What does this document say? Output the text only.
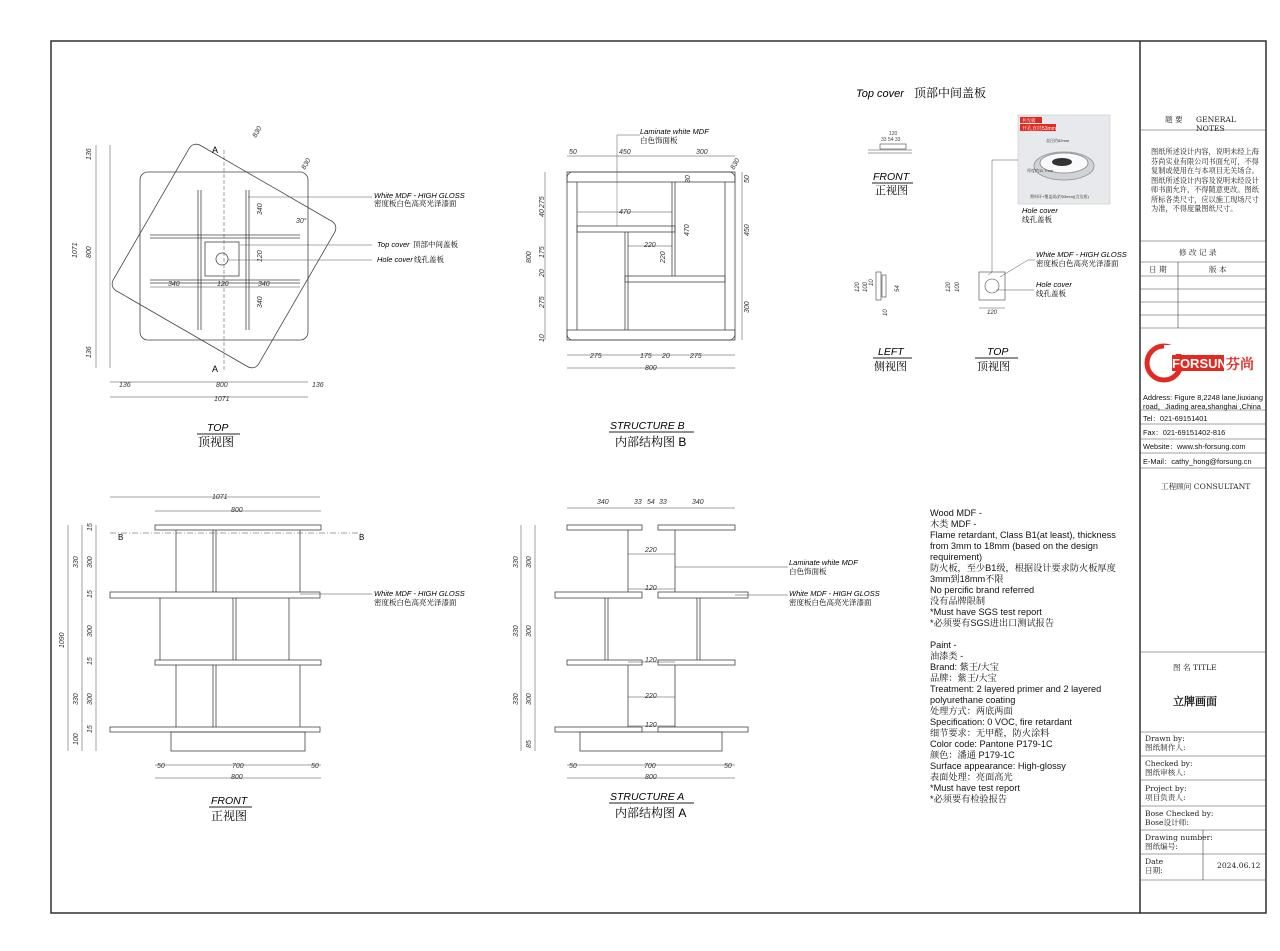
1071
136
800
136
136	800	136
1071
340	120	340
340
120
340
830
830
30°
A
A
White MDF - HIGH GLOSS
密度板白色高亮光泽漆面
Top cover 顶部中间盖板
Hole cover 线孔盖板
TOP
顶视图
50	450	300
830
470
220
220
470	450
300
50
30
275
175
275
20
10
40
800
275	175 20	275
800
Laminate white MDF
白色饰面板
STRUCTURE B
内部结构图 B
Top cover 顶部中间盖板
33 54 33
120
FRONT
正视图
共光板
开孔直径53mm
直径约62mm
厚度约11.7mm
塑料环+覆盖面(约53mm)(含边框)
Hole cover
线孔盖板
120 100 10
54
10
LEFT
侧视图
120 100
120
White MDF - HIGH GLOSS
密度板白色高亮光泽漆面
Hole cover
线孔盖板
TOP
顶视图
1071
800
50	700	50
800
1090
330
330
100
300
300
300
15
15
15
15
B	B
White MDF - HIGH GLOSS
密度板白色高亮光泽漆面
FRONT
正视图
340	33 54 33	340
220
120
120
220
120
50	700	50
800
330
330
330
300
300
300
85
Laminate white MDF
白色饰面板
White MDF - HIGH GLOSS
密度板白色高亮光泽漆面
STRUCTURE A
内部结构图 A
FORSUN 芬尚

Wood MDF -

木类 MDF -

Flame retardant, Class B1(at least), thickness from 3mm to 18mm (based on the design requirement)

防火板，至少B1级，根据设计要求防火板厚度3mm到18mm不限

No percific brand referred

没有品牌限制

*Must have SGS test report

*必须要有SGS进出口测试报告

Paint -

油漆类 -

Brand: 紫王/大宝

品牌：紫王/大宝

Treatment: 2 layered primer and 2 layered polyurethane coating

处理方式：两底两面

Specification: 0 VOC, fire retardant

细节要求：无甲醛，防火涂料

Color code: Pantone P179-1C

颜色：潘通 P179-1C

Surface appearance: High-glossy

表面处理：亮面高光

*Must have test report

*必须要有检验报告

题 要 GENERAL NOTES
图纸所述设计内容，说明未经上海芬尚实业有限公司书面允可，不得复制或使用在与本项目无关场合。图纸所述设计内容及说明未经设计师书面允许，不得随意更改。图纸所标各类尺寸，应以施工现场尺寸为准，不得度量图纸尺寸。
修 改 记 录
日 期	版 本
Address: Figure 8,2248 lane,liuxiang road，Jiading area,shanghai ,China
Tel：021-69151401
Fax：021-69151402-816
Website：www.sh-forsung.com
E-Mail：cathy_hong@forsung.cn
工程顾问 CONSULTANT
图 名 TITLE
立牌画面
Drawn by:
图纸制作人:
Checked by:
图纸审核人:
Project by:
项目负责人:
Bose Checked by:
Bose设计师:
Drawing number:
图纸编号:
Date
日期:
2024.06.12
